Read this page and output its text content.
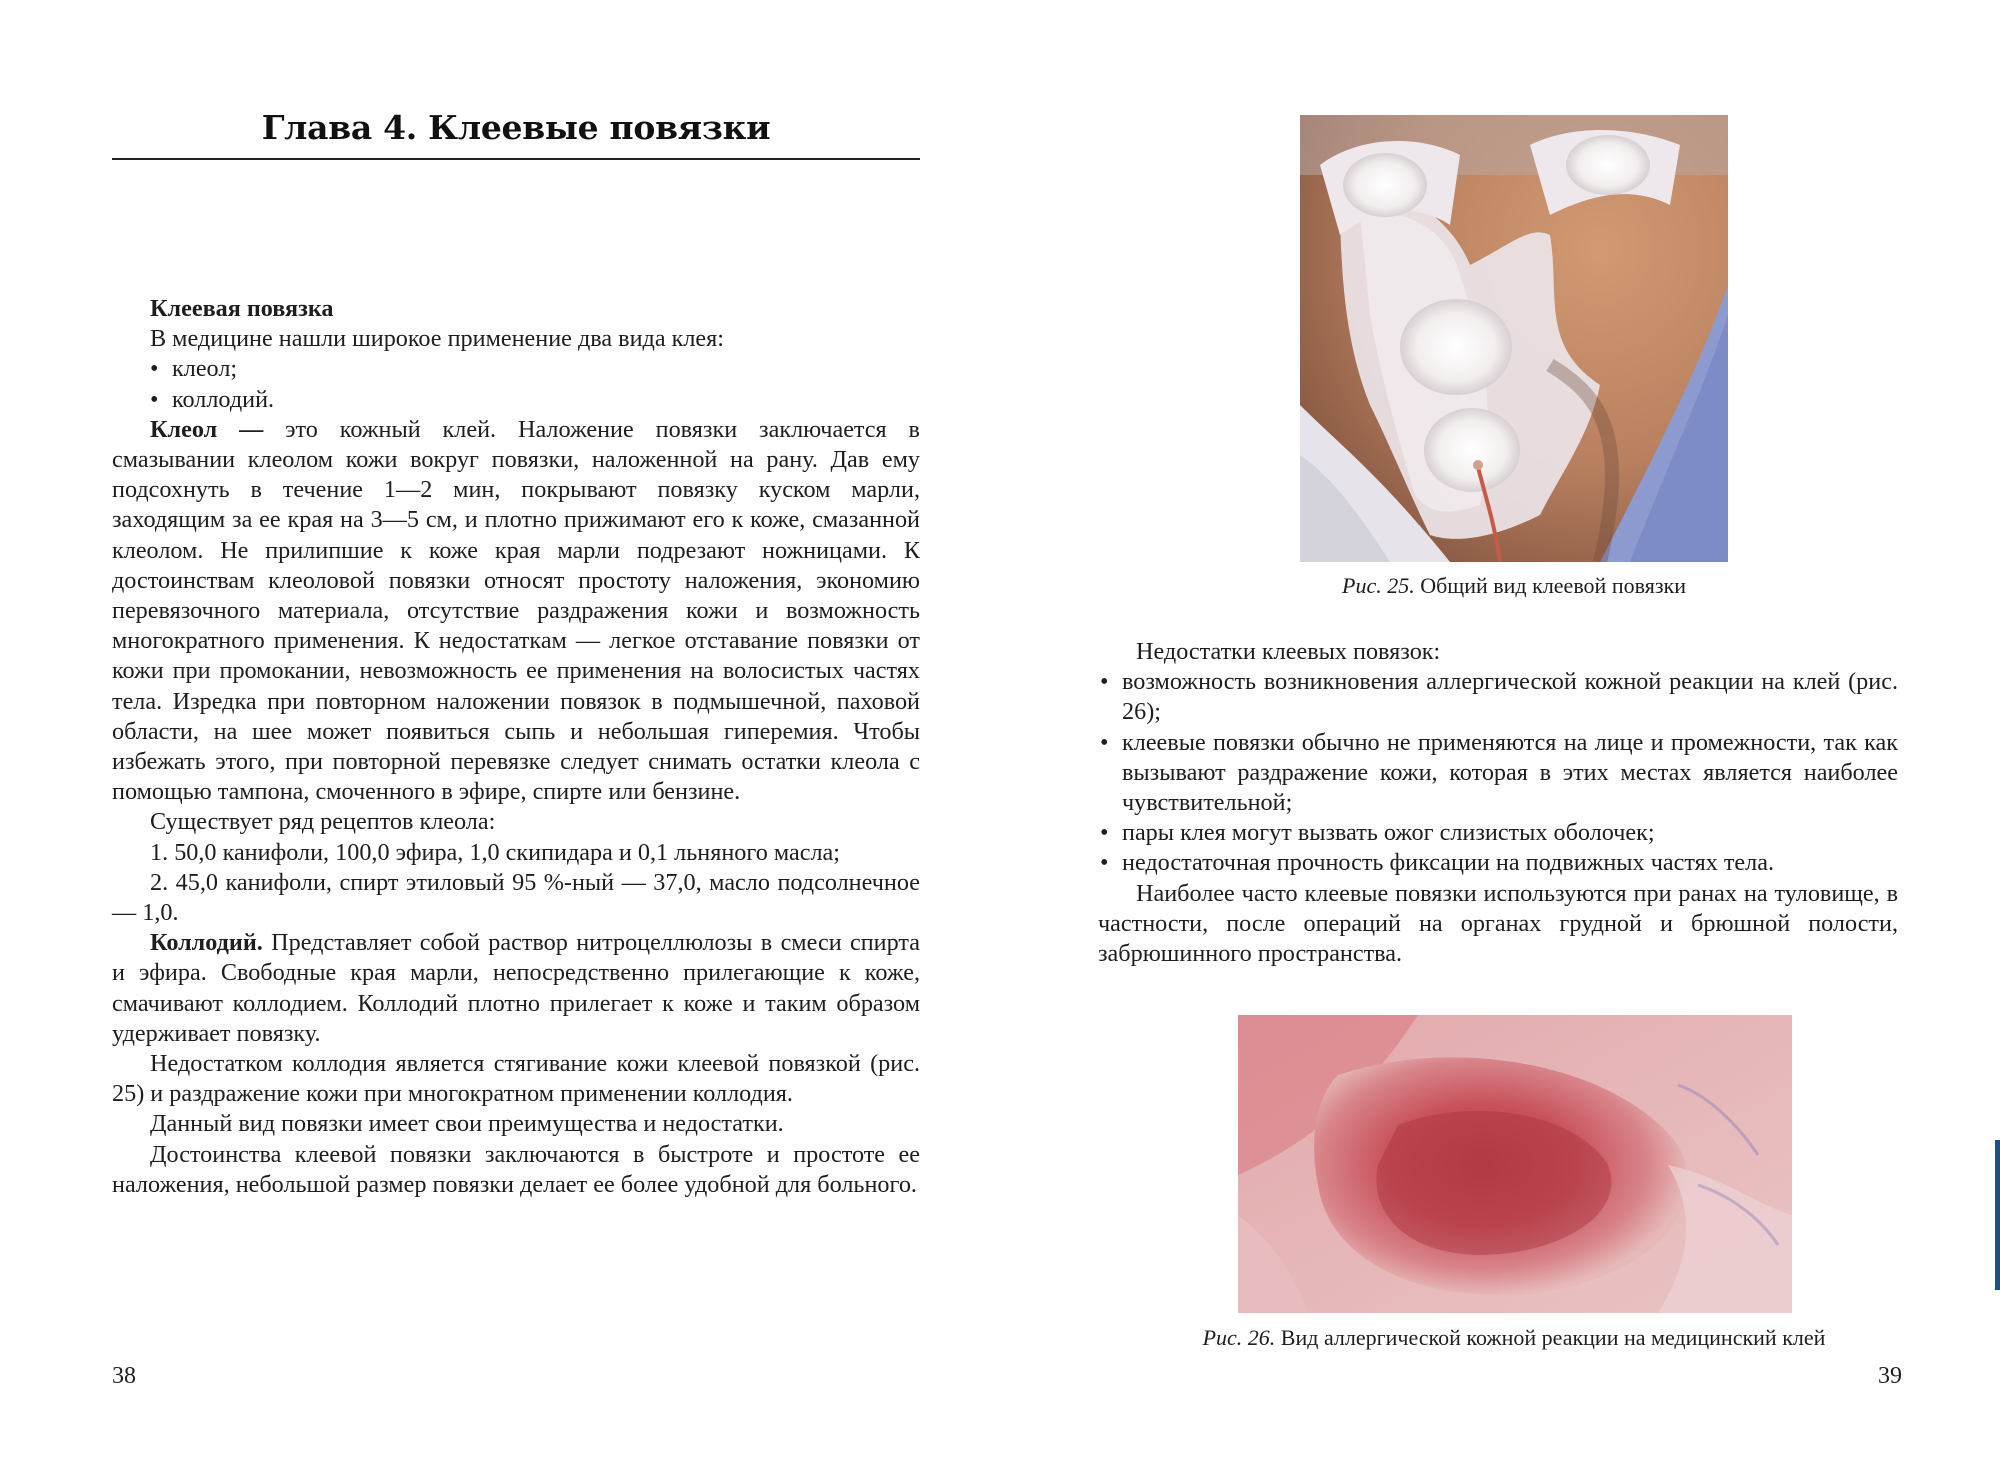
Глава 4. Клеевые повязки

Клеевая повязка

В медицине нашли широкое применение два вида клея:

• клеол;

• коллодий.

Клеол — это кожный клей. Наложение повязки заключается в смазывании клеолом кожи вокруг повязки, наложенной на рану. Дав ему подсохнуть в течение 1—2 мин, покрывают повязку куском марли, заходящим за ее края на 3—5 см, и плотно прижимают его к коже, смазанной клеолом. Не прилипшие к коже края марли подрезают ножницами. К достоинствам клеоловой повязки относят простоту наложения, экономию перевязочного материала, отсутствие раздражения кожи и возможность многократного применения. К недостаткам — легкое отставание повязки от кожи при промокании, невозможность ее применения на волосистых частях тела. Изредка при повторном наложении повязок в подмышечной, паховой области, на шее может появиться сыпь и небольшая гиперемия. Чтобы избежать этого, при повторной перевязке следует снимать остатки клеола с помощью тампона, смоченного в эфире, спирте или бензине.

Существует ряд рецептов клеола:

1. 50,0 канифоли, 100,0 эфира, 1,0 скипидара и 0,1 льняного масла;

2. 45,0 канифоли, спирт этиловый 95 %-ный — 37,0, масло подсолнечное — 1,0.

Коллодий. Представляет собой раствор нитроцеллюлозы в смеси спирта и эфира. Свободные края марли, непосредственно прилегающие к коже, смачивают коллодием. Коллодий плотно прилегает к коже и таким образом удерживает повязку.

Недостатком коллодия является стягивание кожи клеевой повязкой (рис. 25) и раздражение кожи при многократном применении коллодия.

Данный вид повязки имеет свои преимущества и недостатки.

Достоинства клеевой повязки заключаются в быстроте и простоте ее наложения, небольшой размер повязки делает ее более удобной для больного.

38
Рис. 25. Общий вид клеевой повязки

Недостатки клеевых повязок:

• возможность возникновения аллергической кожной реакции на клей (рис. 26);
• клеевые повязки обычно не применяются на лице и промежности, так как вызывают раздражение кожи, которая в этих местах является наиболее чувствительной;
• пары клея могут вызвать ожог слизистых оболочек;
• недостаточная прочность фиксации на подвижных частях тела.

Наиболее часто клеевые повязки используются при ранах на туловище, в частности, после операций на органах грудной и брюшной полости, забрюшинного пространства.

Рис. 26. Вид аллергической кожной реакции на медицинский клей
39
